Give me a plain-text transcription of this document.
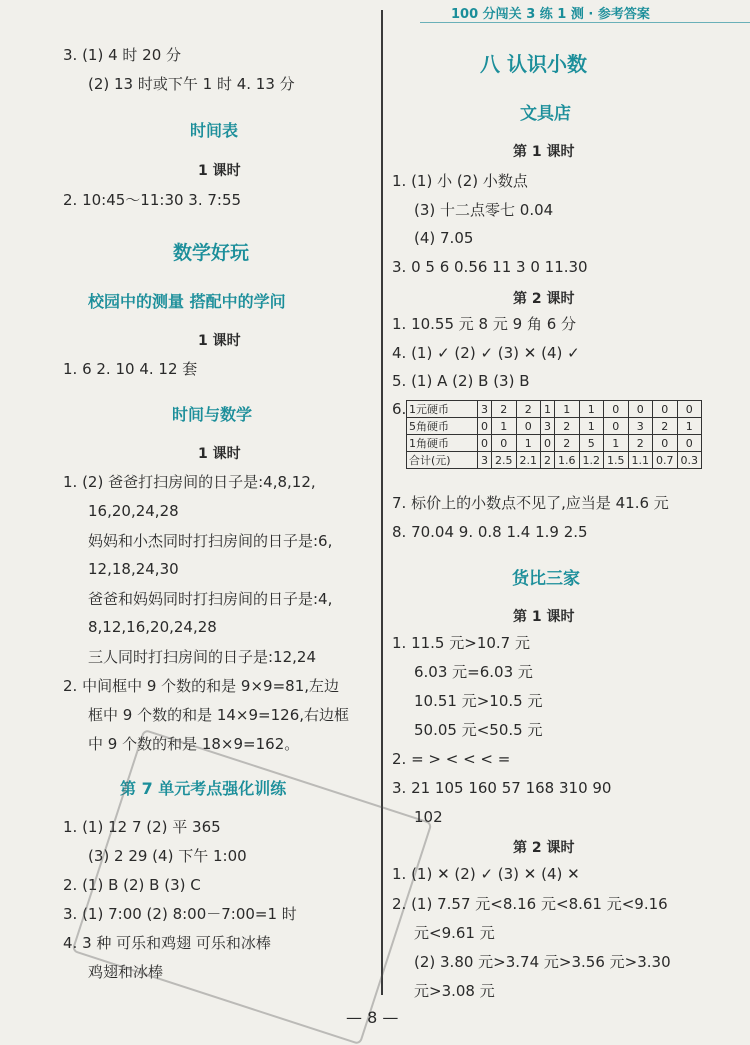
100 分闯关 3 练 1 测 · 参考答案
3. (1) 4 时 20 分
(2) 13 时或下午 1 时 4. 13 分
时间表
1 课时
2. 10:45～11:30 3. 7:55
数学好玩
校园中的测量 搭配中的学问
1 课时
1. 6 2. 10 4. 12 套
时间与数学
1 课时
1. (2) 爸爸打扫房间的日子是:4,8,12,
16,20,24,28
妈妈和小杰同时打扫房间的日子是:6,
12,18,24,30
爸爸和妈妈同时打扫房间的日子是:4,
8,12,16,20,24,28
三人同时打扫房间的日子是:12,24
2. 中间框中 9 个数的和是 9×9=81,左边
框中 9 个数的和是 14×9=126,右边框
中 9 个数的和是 18×9=162。
第 7 单元考点强化训练
1. (1) 12 7 (2) 平 365
(3) 2 29 (4) 下午 1:00
2. (1) B (2) B (3) C
3. (1) 7:00 (2) 8:00－7:00=1 时
4. 3 种 可乐和鸡翅 可乐和冰棒
鸡翅和冰棒
八 认识小数
文具店
第 1 课时
1. (1) 小 (2) 小数点
(3) 十二点零七 0.04
(4) 7.05
3. 0 5 6 0.56 11 3 0 11.30
第 2 课时
1. 10.55 元 8 元 9 角 6 分
4. (1) ✓ (2) ✓ (3) ✕ (4) ✓
5. (1) A (2) B (3) B
6. 1元硬币	3	2	2	1	1	1	0	0	0	0
5角硬币	0	1	0	3	2	1	0	3	2	1
1角硬币	0	0	1	0	2	5	1	2	0	0
合计(元)	3	2.5	2.1	2	1.6	1.2	1.5	1.1	0.7	0.3
7. 标价上的小数点不见了,应当是 41.6 元
8. 70.04 9. 0.8 1.4 1.9 2.5
货比三家
第 1 课时
1. 11.5 元>10.7 元
6.03 元=6.03 元
10.51 元>10.5 元
50.05 元<50.5 元
2. = > < < < =
3. 21 105 160 57 168 310 90
102
第 2 课时
1. (1) ✕ (2) ✓ (3) ✕ (4) ✕
2. (1) 7.57 元<8.16 元<8.61 元<9.16
元<9.61 元
(2) 3.80 元>3.74 元>3.56 元>3.30
元>3.08 元
— 8 —
